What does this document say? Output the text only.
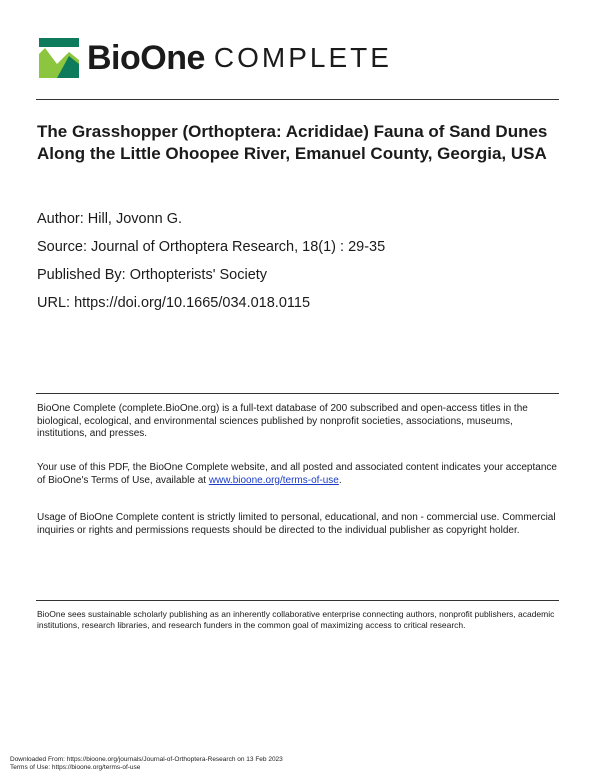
BioOne COMPLETE
The Grasshopper (Orthoptera: Acrididae) Fauna of Sand Dunes Along the Little Ohoopee River, Emanuel County, Georgia, USA
Author: Hill, Jovonn G.
Source: Journal of Orthoptera Research, 18(1) : 29-35
Published By: Orthopterists' Society
URL: https://doi.org/10.1665/034.018.0115

BioOne Complete (complete.BioOne.org) is a full-text database of 200 subscribed and open-access titles in the biological, ecological, and environmental sciences published by nonprofit societies, associations, museums, institutions, and presses.

Your use of this PDF, the BioOne Complete website, and all posted and associated content indicates your acceptance of BioOne's Terms of Use, available at www.bioone.org/terms-of-use.

Usage of BioOne Complete content is strictly limited to personal, educational, and non - commercial use. Commercial inquiries or rights and permissions requests should be directed to the individual publisher as copyright holder.

BioOne sees sustainable scholarly publishing as an inherently collaborative enterprise connecting authors, nonprofit publishers, academic institutions, research libraries, and research funders in the common goal of maximizing access to critical research.

Downloaded From: https://bioone.org/journals/Journal-of-Orthoptera-Research on 13 Feb 2023
Terms of Use: https://bioone.org/terms-of-use
